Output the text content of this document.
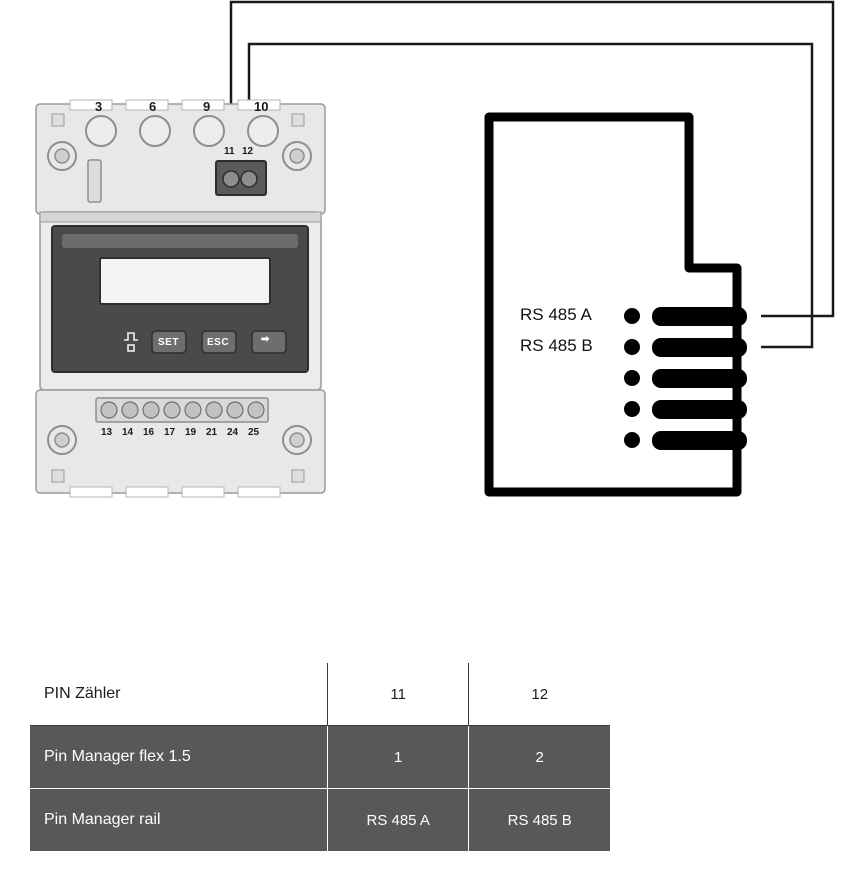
3	6	9	10
11 12
13 14 16 17 19 21 24 25
SET	ESC	➡
RS 485 A
RS 485 B
PIN Zähler	11	12
Pin Manager flex 1.5	1	2
Pin Manager rail	RS 485 A	RS 485 B
